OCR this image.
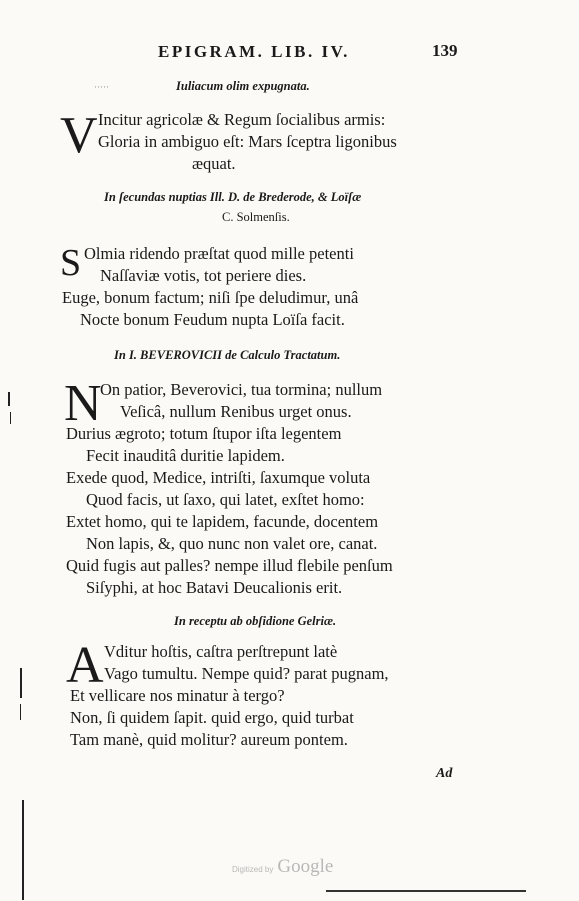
EPIGRAM. LIB. IV.	139
·····	Iuliacum olim expugnata.
V Incitur agricolæ & Regum ſocialibus armis:
Gloria in ambiguo eſt: Mars ſceptra ligonibus
æquat.
In ſecundas nuptias Ill. D. de Brederode, & Loïſæ
C. Solmenſis.
S Olmia ridendo præſtat quod mille petenti
Naſſaviæ votis, tot periere dies.
Euge, bonum factum; niſi ſpe deludimur, unâ
Nocte bonum Feudum nupta Loïſa facit.
In I. BEVEROVICII de Calculo Tractatum.
N
On patior, Beverovici, tua tormina; nullum
Veſicâ, nullum Renibus urget onus.
Durius ægroto; totum ſtupor iſta legentem
Fecit inauditâ duritie lapidem.
Exede quod, Medice, intriſti, ſaxumque voluta
Quod facis, ut ſaxo, qui latet, exſtet homo:
Extet homo, qui te lapidem, facunde, docentem
Non lapis, &, quo nunc non valet ore, canat.
Quid fugis aut palles? nempe illud flebile penſum
Siſyphi, at hoc Batavi Deucalionis erit.
In receptu ab obſidione Gelriæ.
A Vditur hoſtis, caſtra perſtrepunt latè
Vago tumultu. Nempe quid? parat pugnam,
Et vellicare nos minatur à tergo?
Non, ſi quidem ſapit. quid ergo, quid turbat
Tam manè, quid molitur? aureum pontem.
Ad
Digitized by Google
